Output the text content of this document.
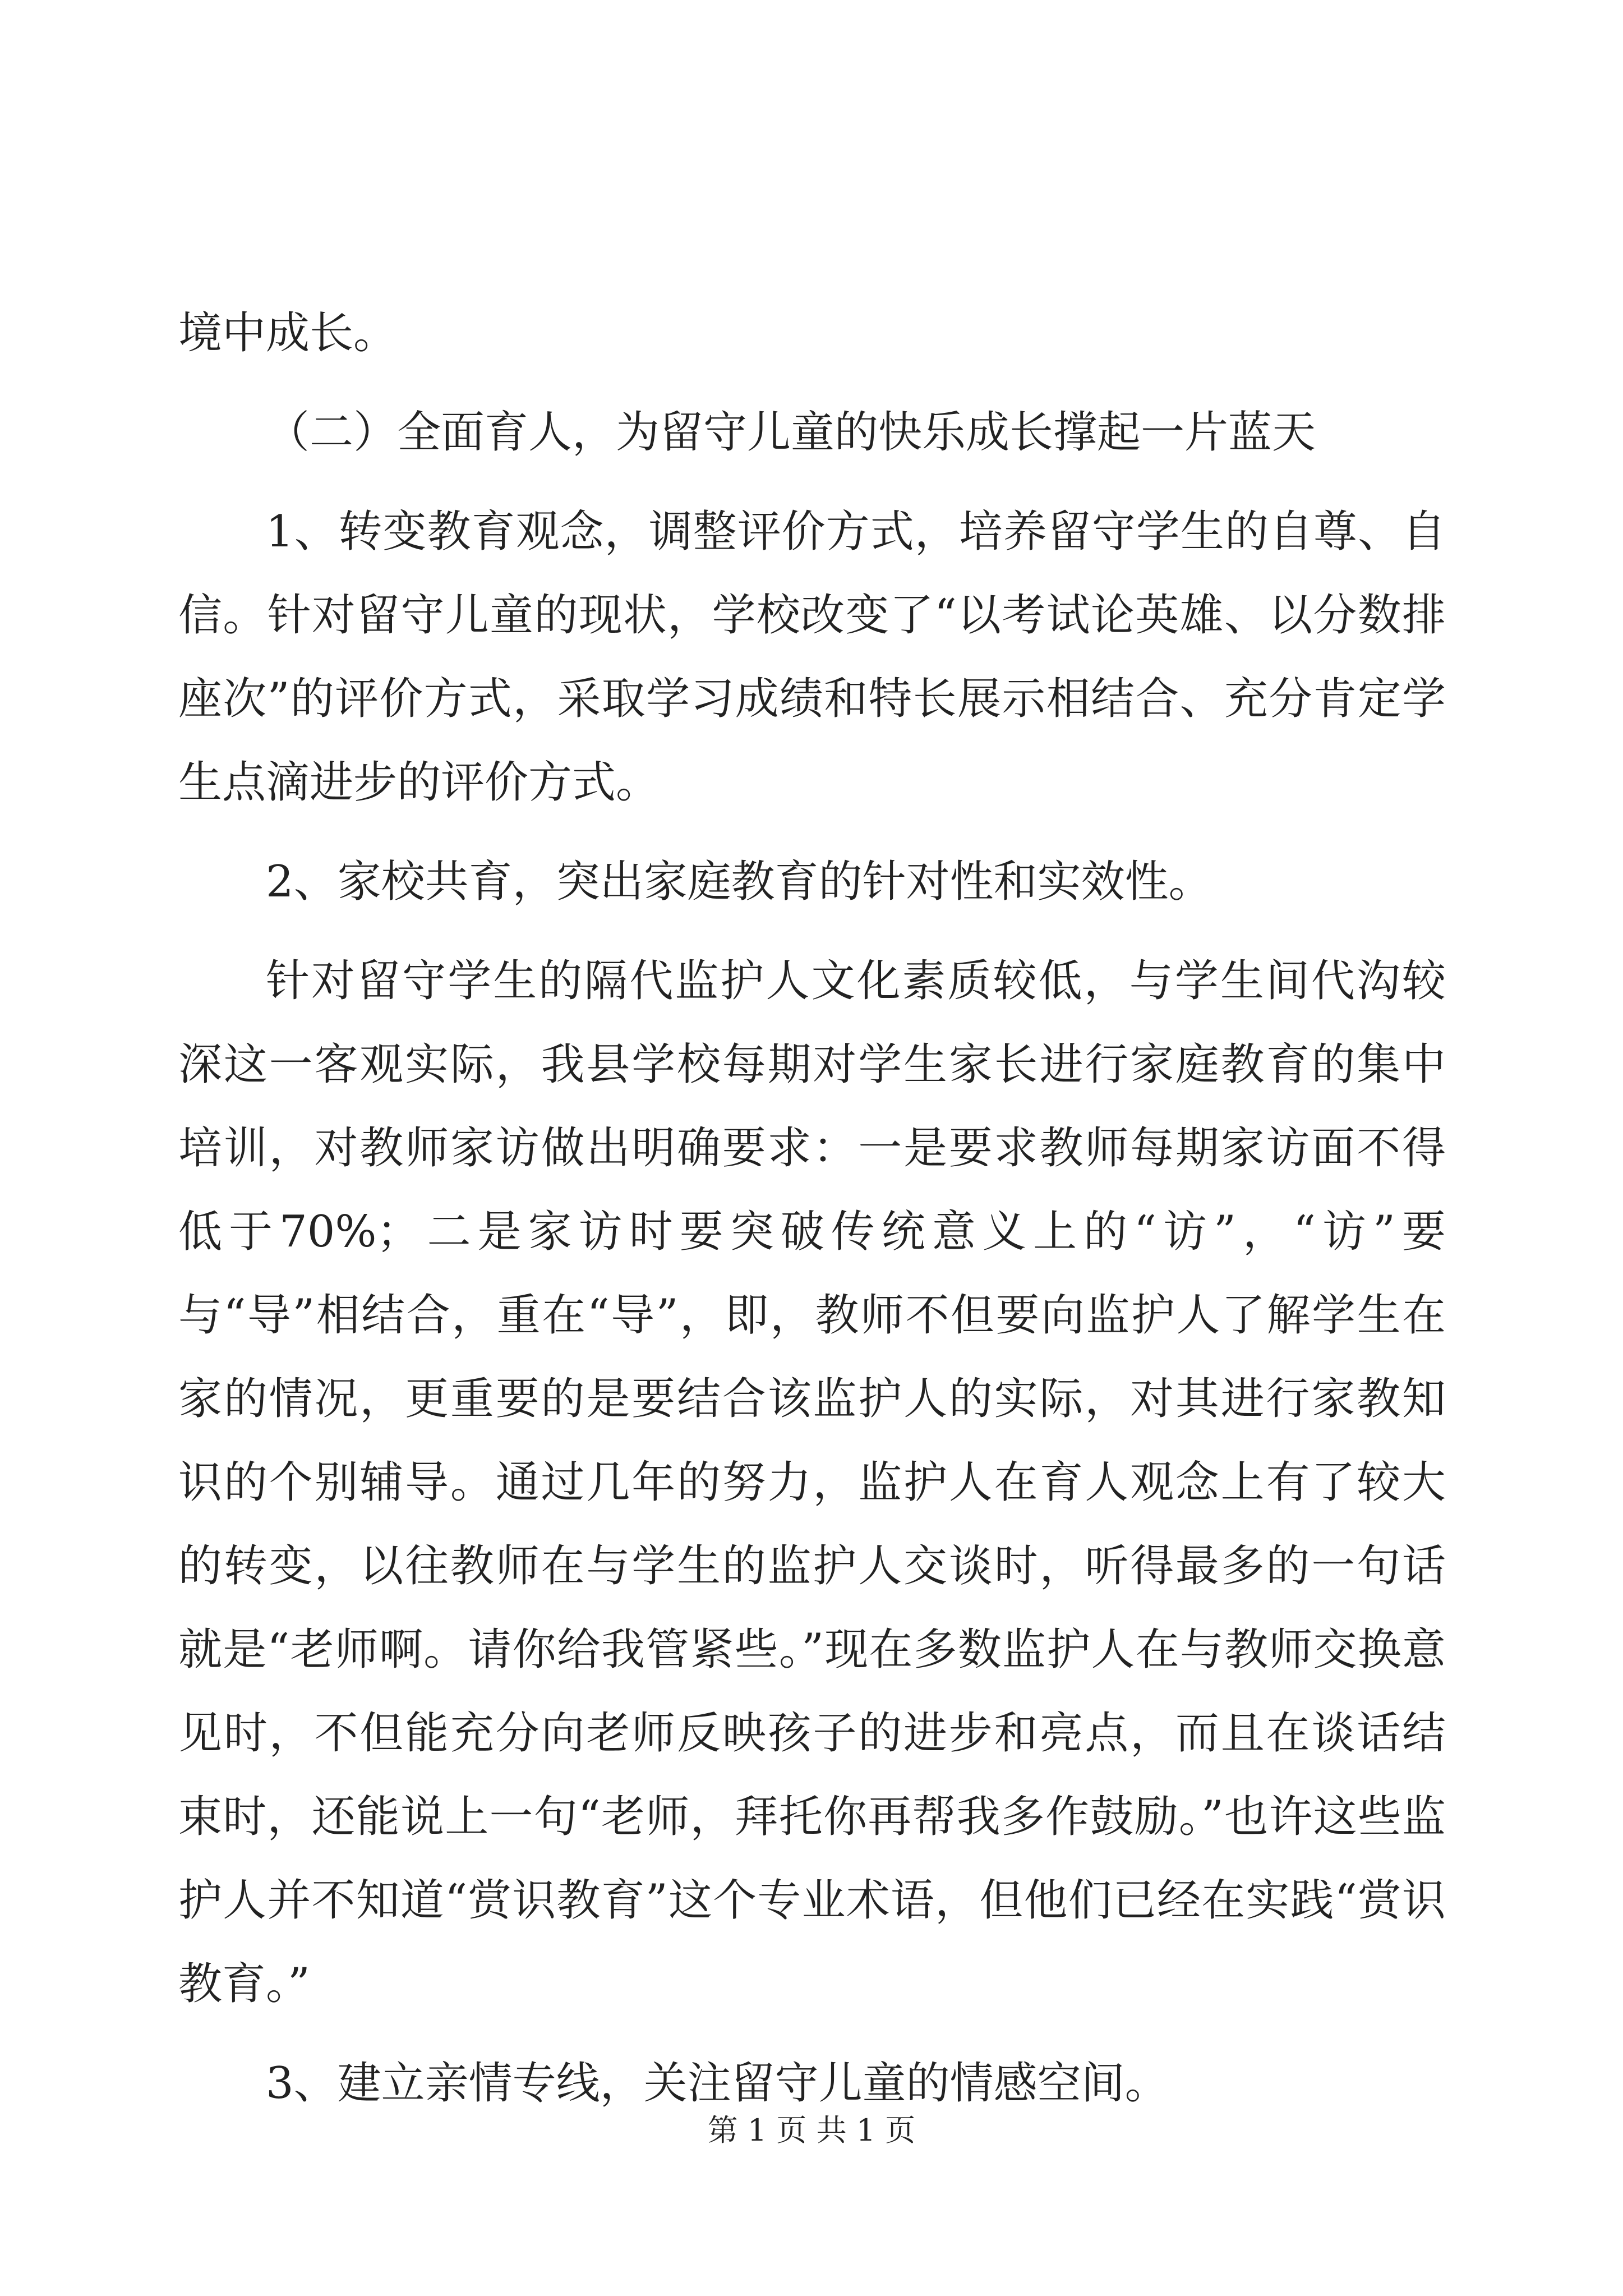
境中成长。

（二）全面育人，为留守儿童的快乐成长撑起一片蓝天

1、转变教育观念，调整评价方式，培养留守学生的自尊、自信。针对留守儿童的现状，学校改变了“以考试论英雄、以分数排座次”的评价方式，采取学习成绩和特长展示相结合、充分肯定学生点滴进步的评价方式。

2、家校共育，突出家庭教育的针对性和实效性。

针对留守学生的隔代监护人文化素质较低，与学生间代沟较深这一客观实际，我县学校每期对学生家长进行家庭教育的集中培训，对教师家访做出明确要求：一是要求教师每期家访面不得低于70%；二是家访时要突破传统意义上的“访”，“访”要与“导”相结合，重在“导”，即，教师不但要向监护人了解学生在家的情况，更重要的是要结合该监护人的实际，对其进行家教知识的个别辅导。通过几年的努力，监护人在育人观念上有了较大的转变，以往教师在与学生的监护人交谈时，听得最多的一句话就是“老师啊。请你给我管紧些。”现在多数监护人在与教师交换意见时，不但能充分向老师反映孩子的进步和亮点，而且在谈话结束时，还能说上一句“老师，拜托你再帮我多作鼓励。”也许这些监护人并不知道“赏识教育”这个专业术语，但他们已经在实践“赏识教育。”

3、建立亲情专线，关注留守儿童的情感空间。

第 1 页 共 1 页
